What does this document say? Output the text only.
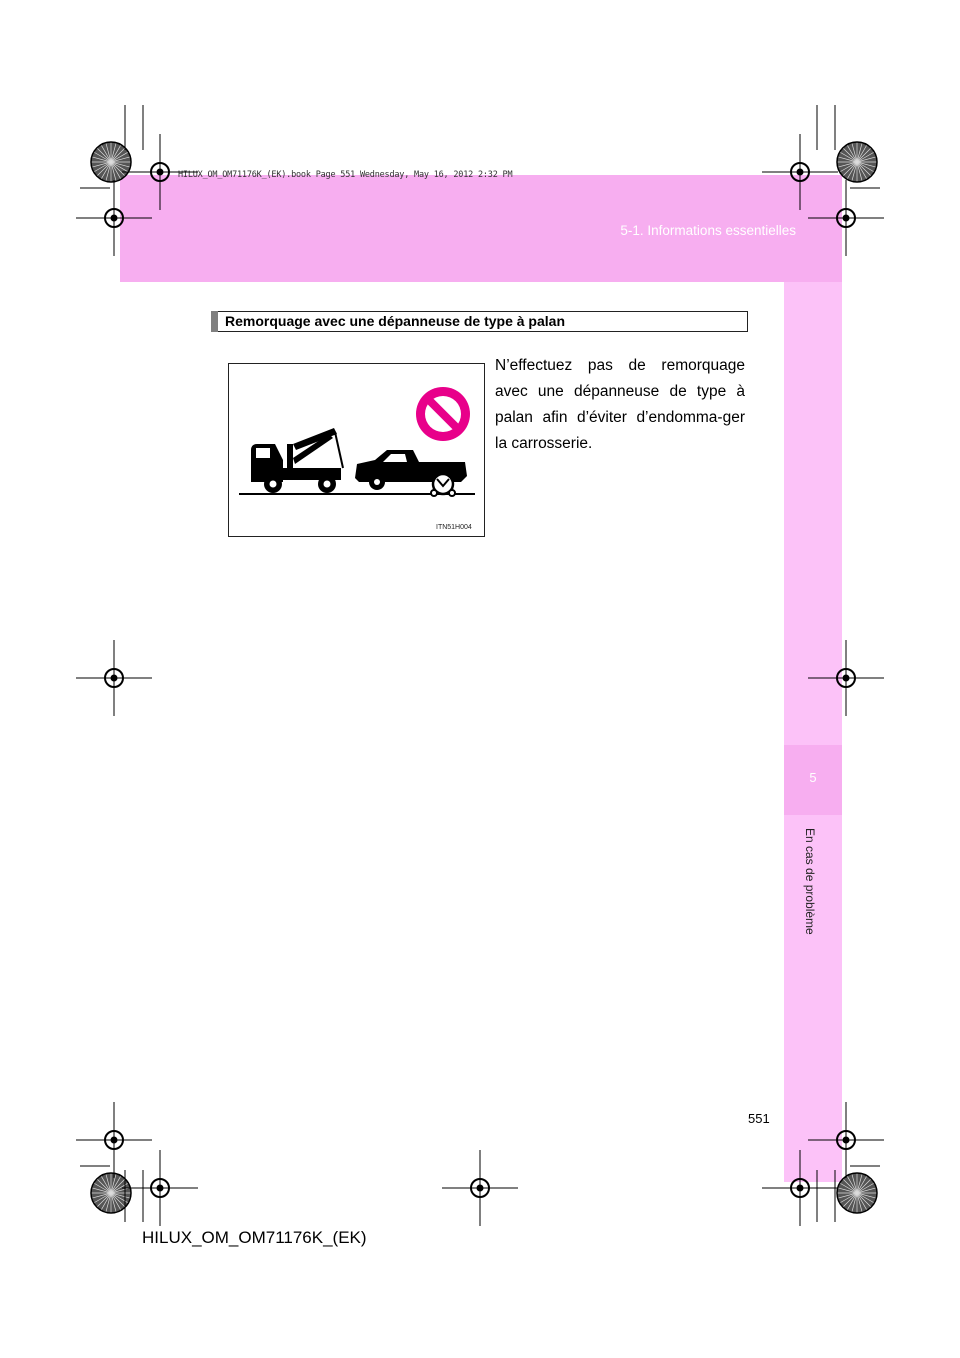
5-1. Informations essentielles
HILUX_OM_OM71176K_(EK).book Page 551 Wednesday, May 16, 2012 2:32 PM
5
En cas de problème
Remorquage avec une dépanneuse de type à palan
ITN51H004
N’effectuez pas de remorquage avec une dépanneuse de type à palan afin d’éviter d’endomma-ger la carrosserie.
551
HILUX_OM_OM71176K_(EK)
